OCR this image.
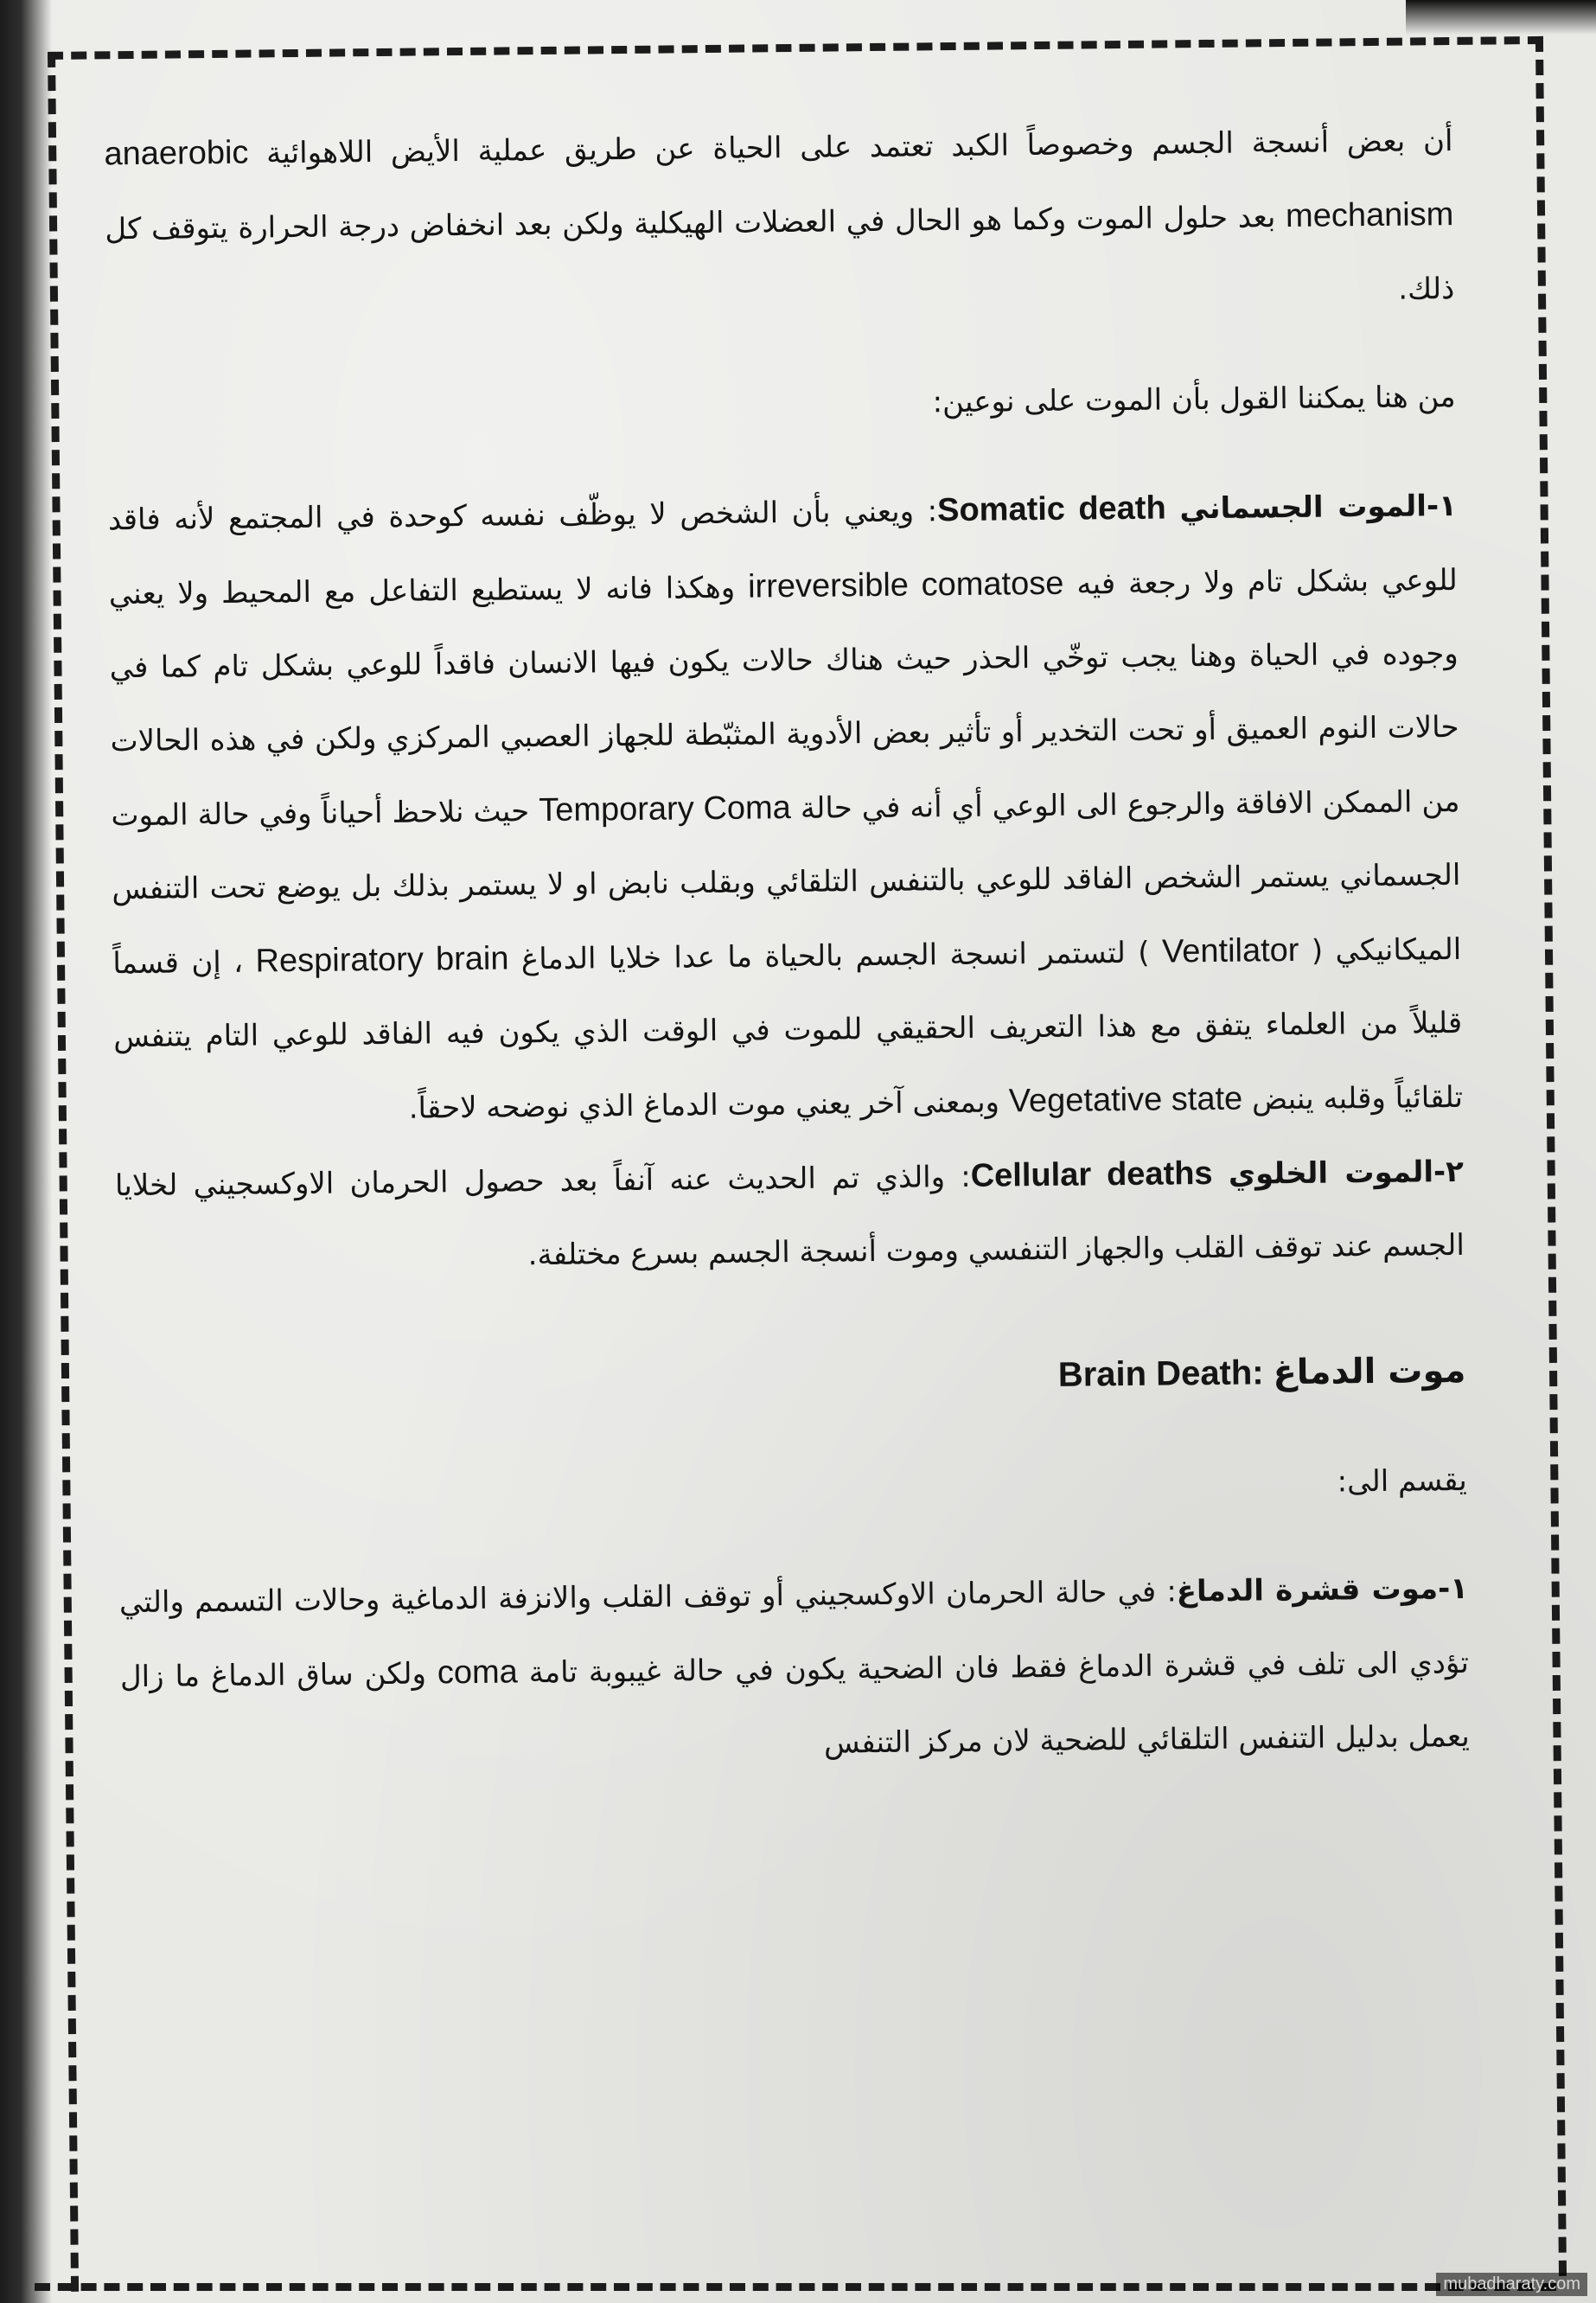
أن بعض أنسجة الجسم وخصوصاً الكبد تعتمد على الحياة عن طريق عملية الأيض اللاهوائية anaerobic mechanism بعد حلول الموت وكما هو الحال في العضلات الهيكلية ولكن بعد انخفاض درجة الحرارة يتوقف كل ذلك.

من هنا يمكننا القول بأن الموت على نوعين:

١-الموت الجسماني Somatic death: ويعني بأن الشخص لا يوظّف نفسه كوحدة في المجتمع لأنه فاقد للوعي بشكل تام ولا رجعة فيه irreversible comatose وهكذا فانه لا يستطيع التفاعل مع المحيط ولا يعني وجوده في الحياة وهنا يجب توخّي الحذر حيث هناك حالات يكون فيها الانسان فاقداً للوعي بشكل تام كما في حالات النوم العميق أو تحت التخدير أو تأثير بعض الأدوية المثبّطة للجهاز العصبي المركزي ولكن في هذه الحالات من الممكن الافاقة والرجوع الى الوعي أي أنه في حالة Temporary Coma حيث نلاحظ أحياناً وفي حالة الموت الجسماني يستمر الشخص الفاقد للوعي بالتنفس التلقائي وبقلب نابض او لا يستمر بذلك بل يوضع تحت التنفس الميكانيكي ( Ventilator ) لتستمر انسجة الجسم بالحياة ما عدا خلايا الدماغ Respiratory brain ، إن قسماً قليلاً من العلماء يتفق مع هذا التعريف الحقيقي للموت في الوقت الذي يكون فيه الفاقد للوعي التام يتنفس تلقائياً وقلبه ينبض Vegetative state وبمعنى آخر يعني موت الدماغ الذي نوضحه لاحقاً.

٢-الموت الخلوي Cellular deaths: والذي تم الحديث عنه آنفاً بعد حصول الحرمان الاوكسجيني لخلايا الجسم عند توقف القلب والجهاز التنفسي وموت أنسجة الجسم بسرع مختلفة.

موت الدماغ Brain Death:

يقسم الى:

١-موت قشرة الدماغ: في حالة الحرمان الاوكسجيني أو توقف القلب والانزفة الدماغية وحالات التسمم والتي تؤدي الى تلف في قشرة الدماغ فقط فان الضحية يكون في حالة غيبوبة تامة coma ولكن ساق الدماغ ما زال يعمل بدليل التنفس التلقائي للضحية لان مركز التنفس

mubadharaty.com
